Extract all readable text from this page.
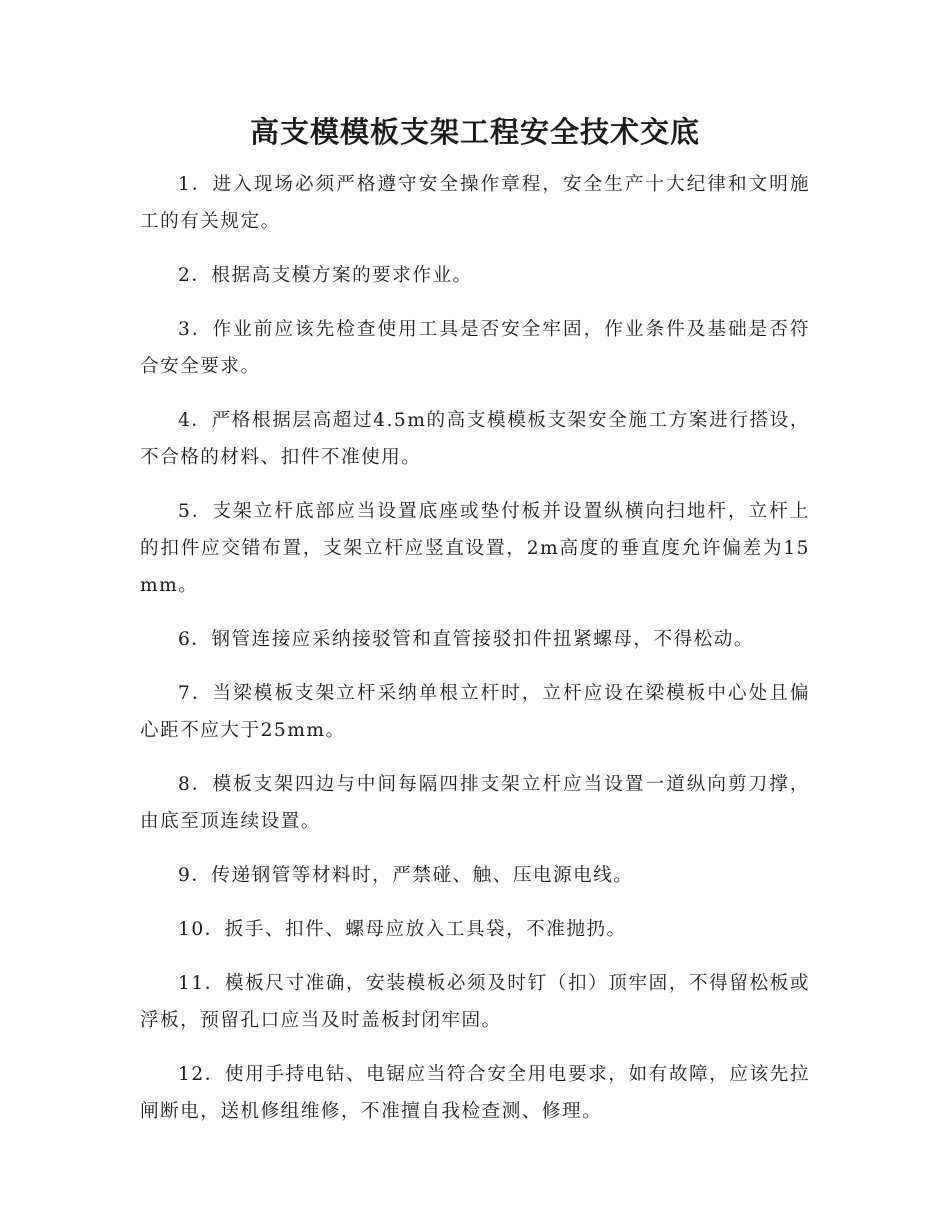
高支模模板支架工程安全技术交底

1．进入现场必须严格遵守安全操作章程，安全生产十大纪律和文明施工的有关规定。

2．根据高支模方案的要求作业。

3．作业前应该先检查使用工具是否安全牢固，作业条件及基础是否符合安全要求。

4．严格根据层高超过4.5m的高支模模板支架安全施工方案进行搭设，不合格的材料、扣件不准使用。

5．支架立杆底部应当设置底座或垫付板并设置纵横向扫地杆，立杆上的扣件应交错布置，支架立杆应竖直设置，2m高度的垂直度允许偏差为15mm。

6．钢管连接应采纳接驳管和直管接驳扣件扭紧螺母，不得松动。

7．当梁模板支架立杆采纳单根立杆时，立杆应设在梁模板中心处且偏心距不应大于25mm。

8．模板支架四边与中间每隔四排支架立杆应当设置一道纵向剪刀撑，由底至顶连续设置。

9．传递钢管等材料时，严禁碰、触、压电源电线。

10．扳手、扣件、螺母应放入工具袋，不准抛扔。

11．模板尺寸准确，安装模板必须及时钉（扣）顶牢固，不得留松板或浮板，预留孔口应当及时盖板封闭牢固。

12．使用手持电钻、电锯应当符合安全用电要求，如有故障，应该先拉闸断电，送机修组维修，不准擅自我检查测、修理。
